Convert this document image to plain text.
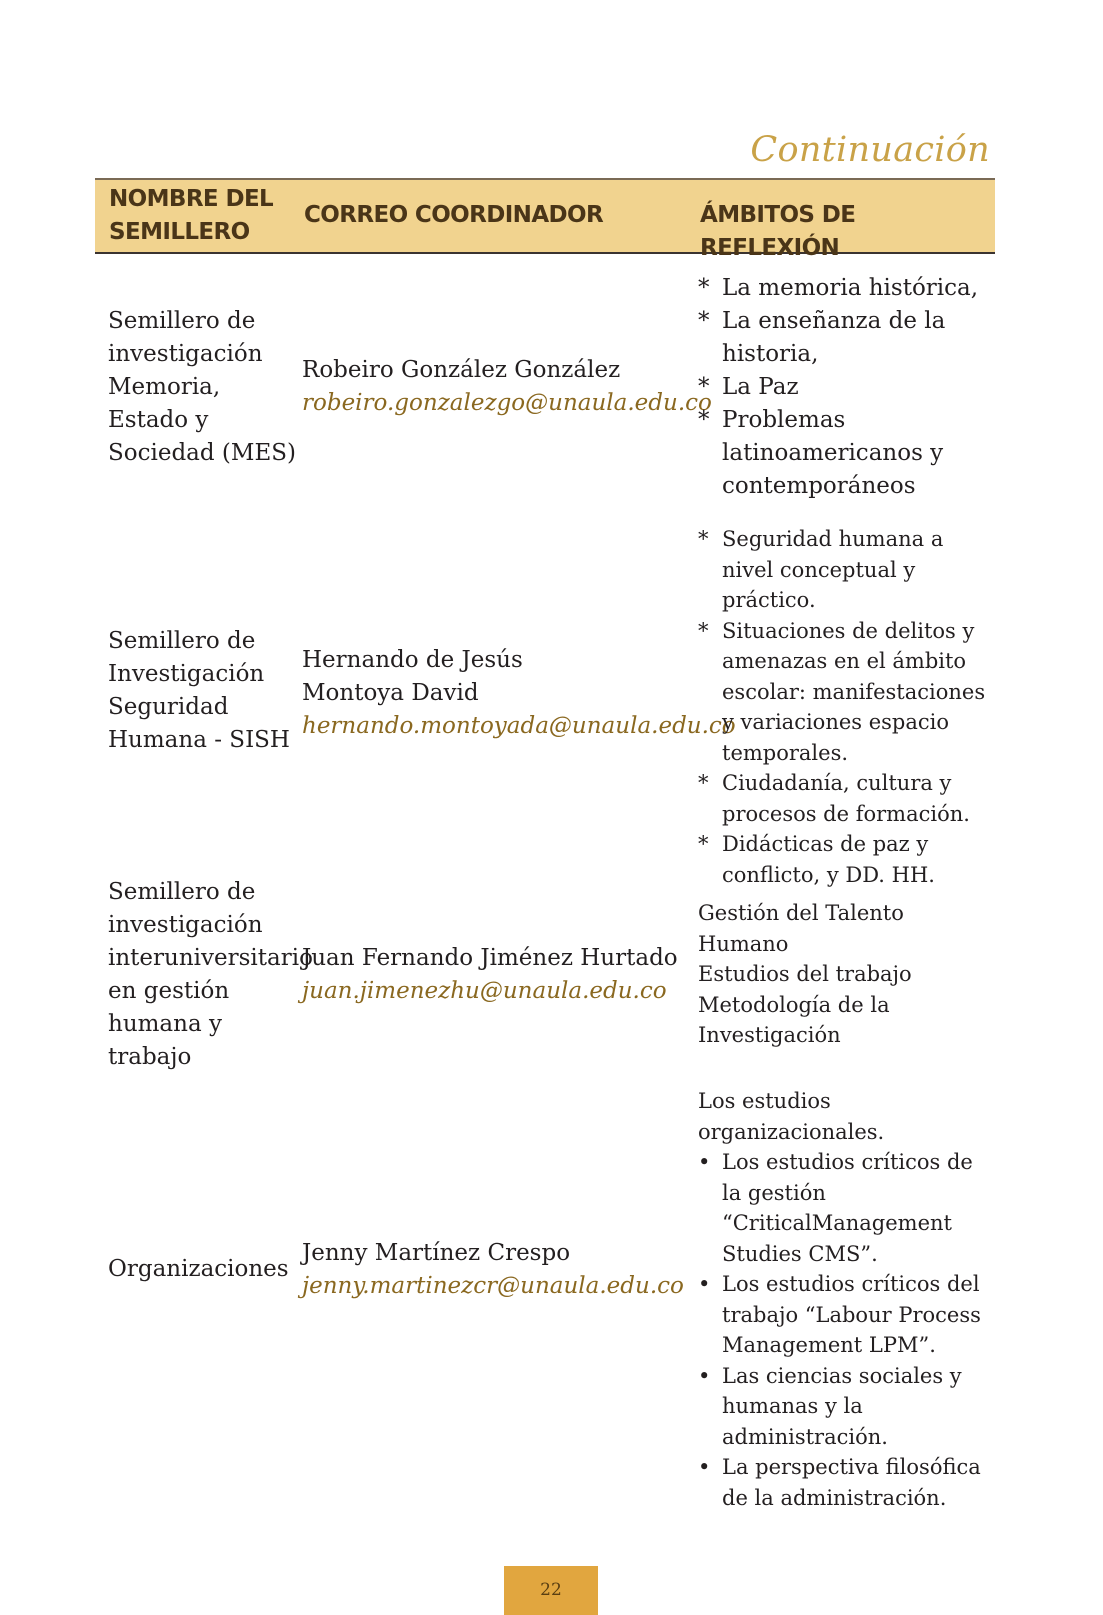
Continuación
NOMBRE DEL SEMILLERO
CORREO COORDINADOR	ÁMBITOS DE REFLEXIÓN
Semillero de investigación Memoria, Estado y Sociedad (MES)
Robeiro González González
robeiro.gonzalezgo@unaula.edu.co
* La memoria histórica,
* La enseñanza de la historia,
* La Paz
* Problemas latinoamericanos y contemporáneos
Semillero de Investigación Seguridad Humana - SISH
Hernando de Jesús Montoya David
hernando.montoyada@unaula.edu.co
* Seguridad humana a nivel conceptual y práctico.
* Situaciones de delitos y amenazas en el ámbito escolar: manifestaciones y variaciones espacio temporales.
* Ciudadanía, cultura y procesos de formación.
* Didácticas de paz y conflicto, y DD. HH.
Semillero de investigación interuniversitario en gestión humana y trabajo
Juan Fernando Jiménez Hurtado
juan.jimenezhu@unaula.edu.co
Gestión del Talento Humano
Estudios del trabajo
Metodología de la Investigación
Organizaciones
Jenny Martínez Crespo
jenny.martinezcr@unaula.edu.co
Los estudios organizacionales.
• Los estudios críticos de la gestión “CriticalManagement Studies CMS”.
• Los estudios críticos del trabajo “Labour Process Management LPM”.
• Las ciencias sociales y humanas y la administración.
• La perspectiva filosófica de la administración.
22
